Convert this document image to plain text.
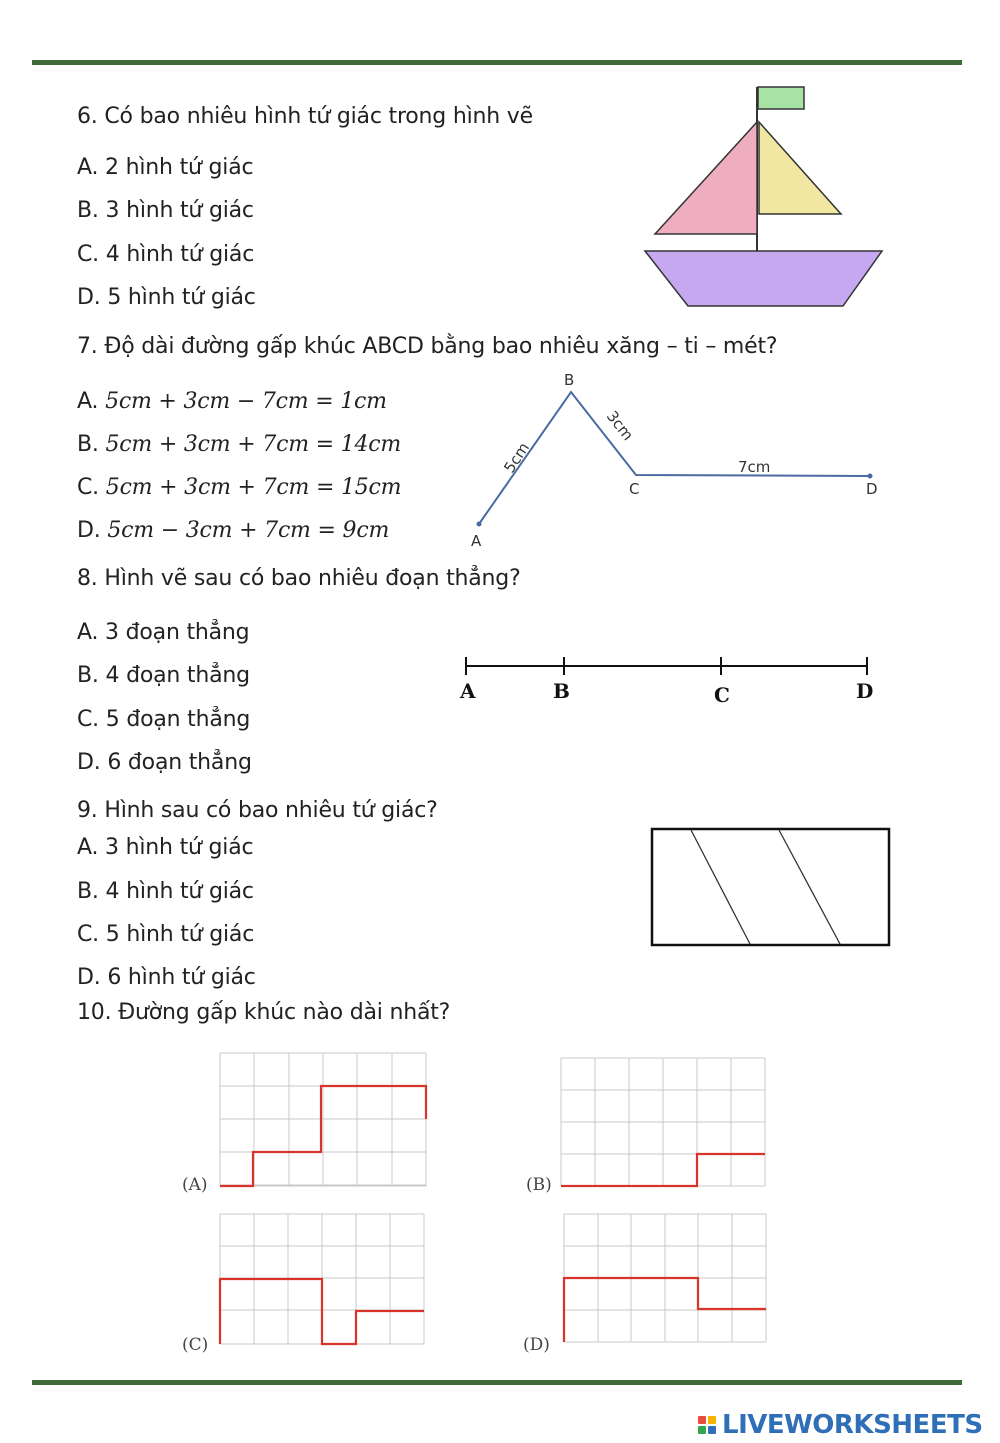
6. Có bao nhiêu hình tứ giác trong hình vẽ
A. 2 hình tứ giác
B. 3 hình tứ giác
C. 4 hình tứ giác
D. 5 hình tứ giác
7. Độ dài đường gấp khúc ABCD bằng bao nhiêu xăng – ti – mét?
A. 5cm + 3cm − 7cm = 1cm
B. 5cm + 3cm + 7cm = 14cm
C. 5cm + 3cm + 7cm = 15cm
D. 5cm − 3cm + 7cm = 9cm	A
B
C	D
5cm
3cm
7cm
8. Hình vẽ sau có bao nhiêu đoạn thẳng?
A. 3 đoạn thẳng
B. 4 đoạn thẳng
C. 5 đoạn thẳng
D. 6 đoạn thẳng
A	B	C	D
9. Hình sau có bao nhiêu tứ giác?
A. 3 hình tứ giác
B. 4 hình tứ giác
C. 5 hình tứ giác
D. 6 hình tứ giác
10. Đường gấp khúc nào dài nhất?
(A)	(B)
(C)	(D)
LIVEWORKSHEETS
